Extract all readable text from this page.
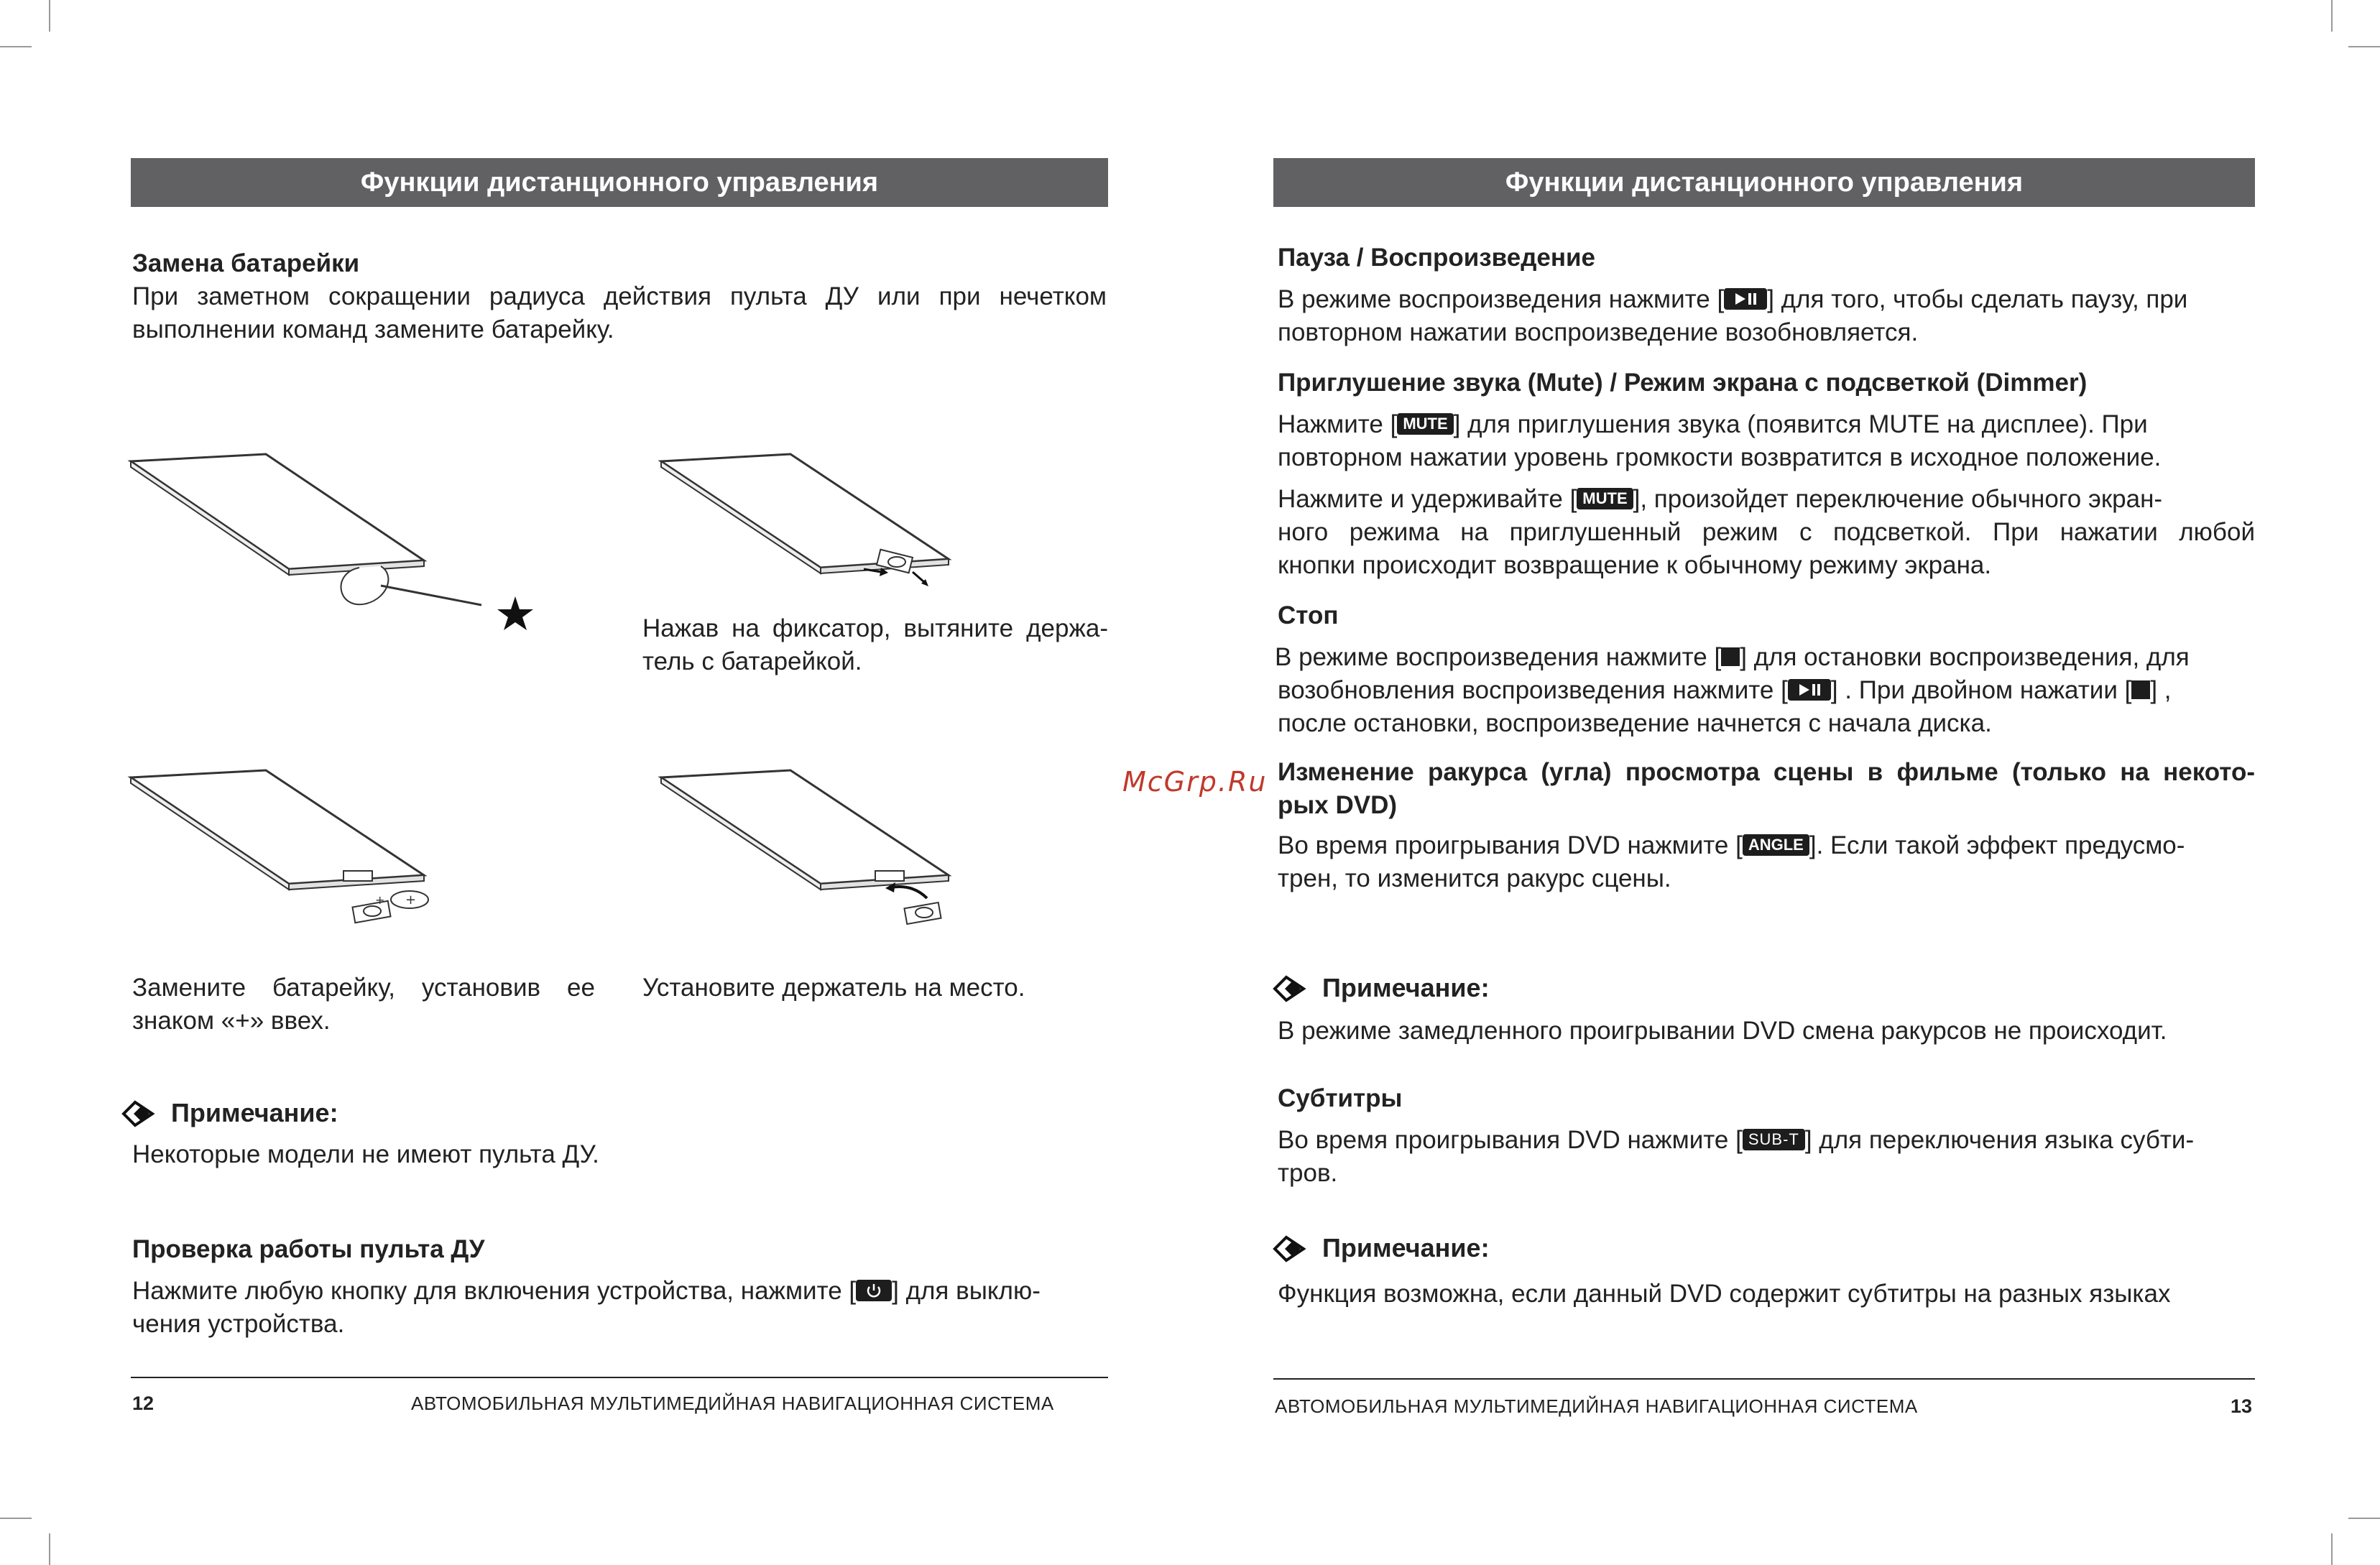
Функции дистанционного управления
Замена батарейки
При заметном сокращении радиуса действия пульта ДУ или при нечетком
выполнении команд замените батарейку.
Нажав на фиксатор, вытяните держа-
тель с батарейкой.
+
+
Замените батарейку, установив ее
знаком «+» ввех.
Установите держатель на место.
Примечание:
Некоторые модели не имеют пульта ДУ.
Проверка работы пульта ДУ
Нажмите любую кнопку для включения устройства, нажмите [ ] для выклю-
чения устройства.
12	АВТОМОБИЛЬНАЯ МУЛЬТИМЕДИЙНАЯ НАВИГАЦИОННАЯ СИСТЕМА
McGrp.Ru
Функции дистанционного управления
Пауза / Воспроизведение
В режиме воспроизведения нажмите [ ] для того, чтобы сделать паузу, при
повторном нажатии воспроизведение возобновляется.
Приглушение звука (Mute) / Режим экрана с подсветкой (Dimmer)
Нажмите [ MUTE ] для приглушения звука (появится MUTE на дисплее). При
повторном нажатии уровень громкости возвратится в исходное положение.
Нажмите и удерживайте [ MUTE ], произойдет переключение обычного экран-
ного режима на приглушенный режим с подсветкой. При нажатии любой
кнопки происходит возвращение к обычному режиму экрана.
Стоп
В режиме воспроизведения нажмите [ ] для остановки воспроизведения, для
возобновления воспроизведения нажмите [ ] . При двойном нажатии [ ] ,
после остановки, воспроизведение начнется с начала диска.
Изменение ракурса (угла) просмотра сцены в фильме (только на некото-
рых DVD)
Во время проигрывания DVD нажмите [ ANGLE ]. Если такой эффект предусмо-
трен, то изменится ракурс сцены.
Примечание:
В режиме замедленного проигрывании DVD смена ракурсов не происходит.
Субтитры
Во время проигрывания DVD нажмите [ SUB-T ] для переключения языка субти-
тров.
Примечание:
Функция возможна, если данный DVD содержит субтитры на разных языках
АВТОМОБИЛЬНАЯ МУЛЬТИМЕДИЙНАЯ НАВИГАЦИОННАЯ СИСТЕМА	13
